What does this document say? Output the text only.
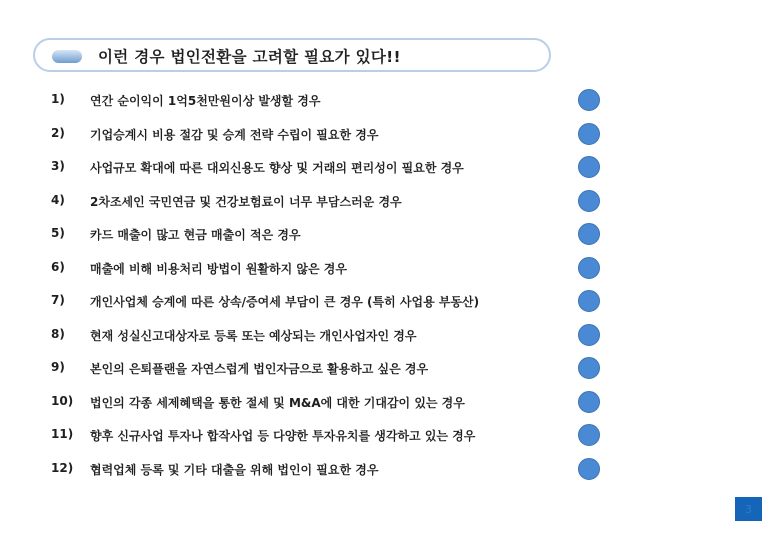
이런 경우 법인전환을 고려할 필요가 있다!!
1) 연간 순이익이 1억5천만원이상 발생할 경우
2) 기업승계시 비용 절감 및 승계 전략 수립이 필요한 경우
3) 사업규모 확대에 따른 대외신용도 향상 및 거래의 편리성이 필요한 경우
4) 2차조세인 국민연금 및 건강보험료이 너무 부담스러운 경우
5) 카드 매출이 많고 현금 매출이 적은 경우
6) 매출에 비해 비용처리 방법이 원활하지 않은 경우
7) 개인사업체 승계에 따른 상속/증여세 부담이 큰 경우 (특히 사업용 부동산)
8) 현재 성실신고대상자로 등록 또는 예상되는 개인사업자인 경우
9) 본인의 은퇴플랜을 자연스럽게 법인자금으로 활용하고 싶은 경우
10) 법인의 각종 세제혜택을 통한 절세 및 M&A에 대한 기대감이 있는 경우
11) 향후 신규사업 투자나 합작사업 등 다양한 투자유치를 생각하고 있는 경우
12) 협력업체 등록 및 기타 대출을 위해 법인이 필요한 경우
3
